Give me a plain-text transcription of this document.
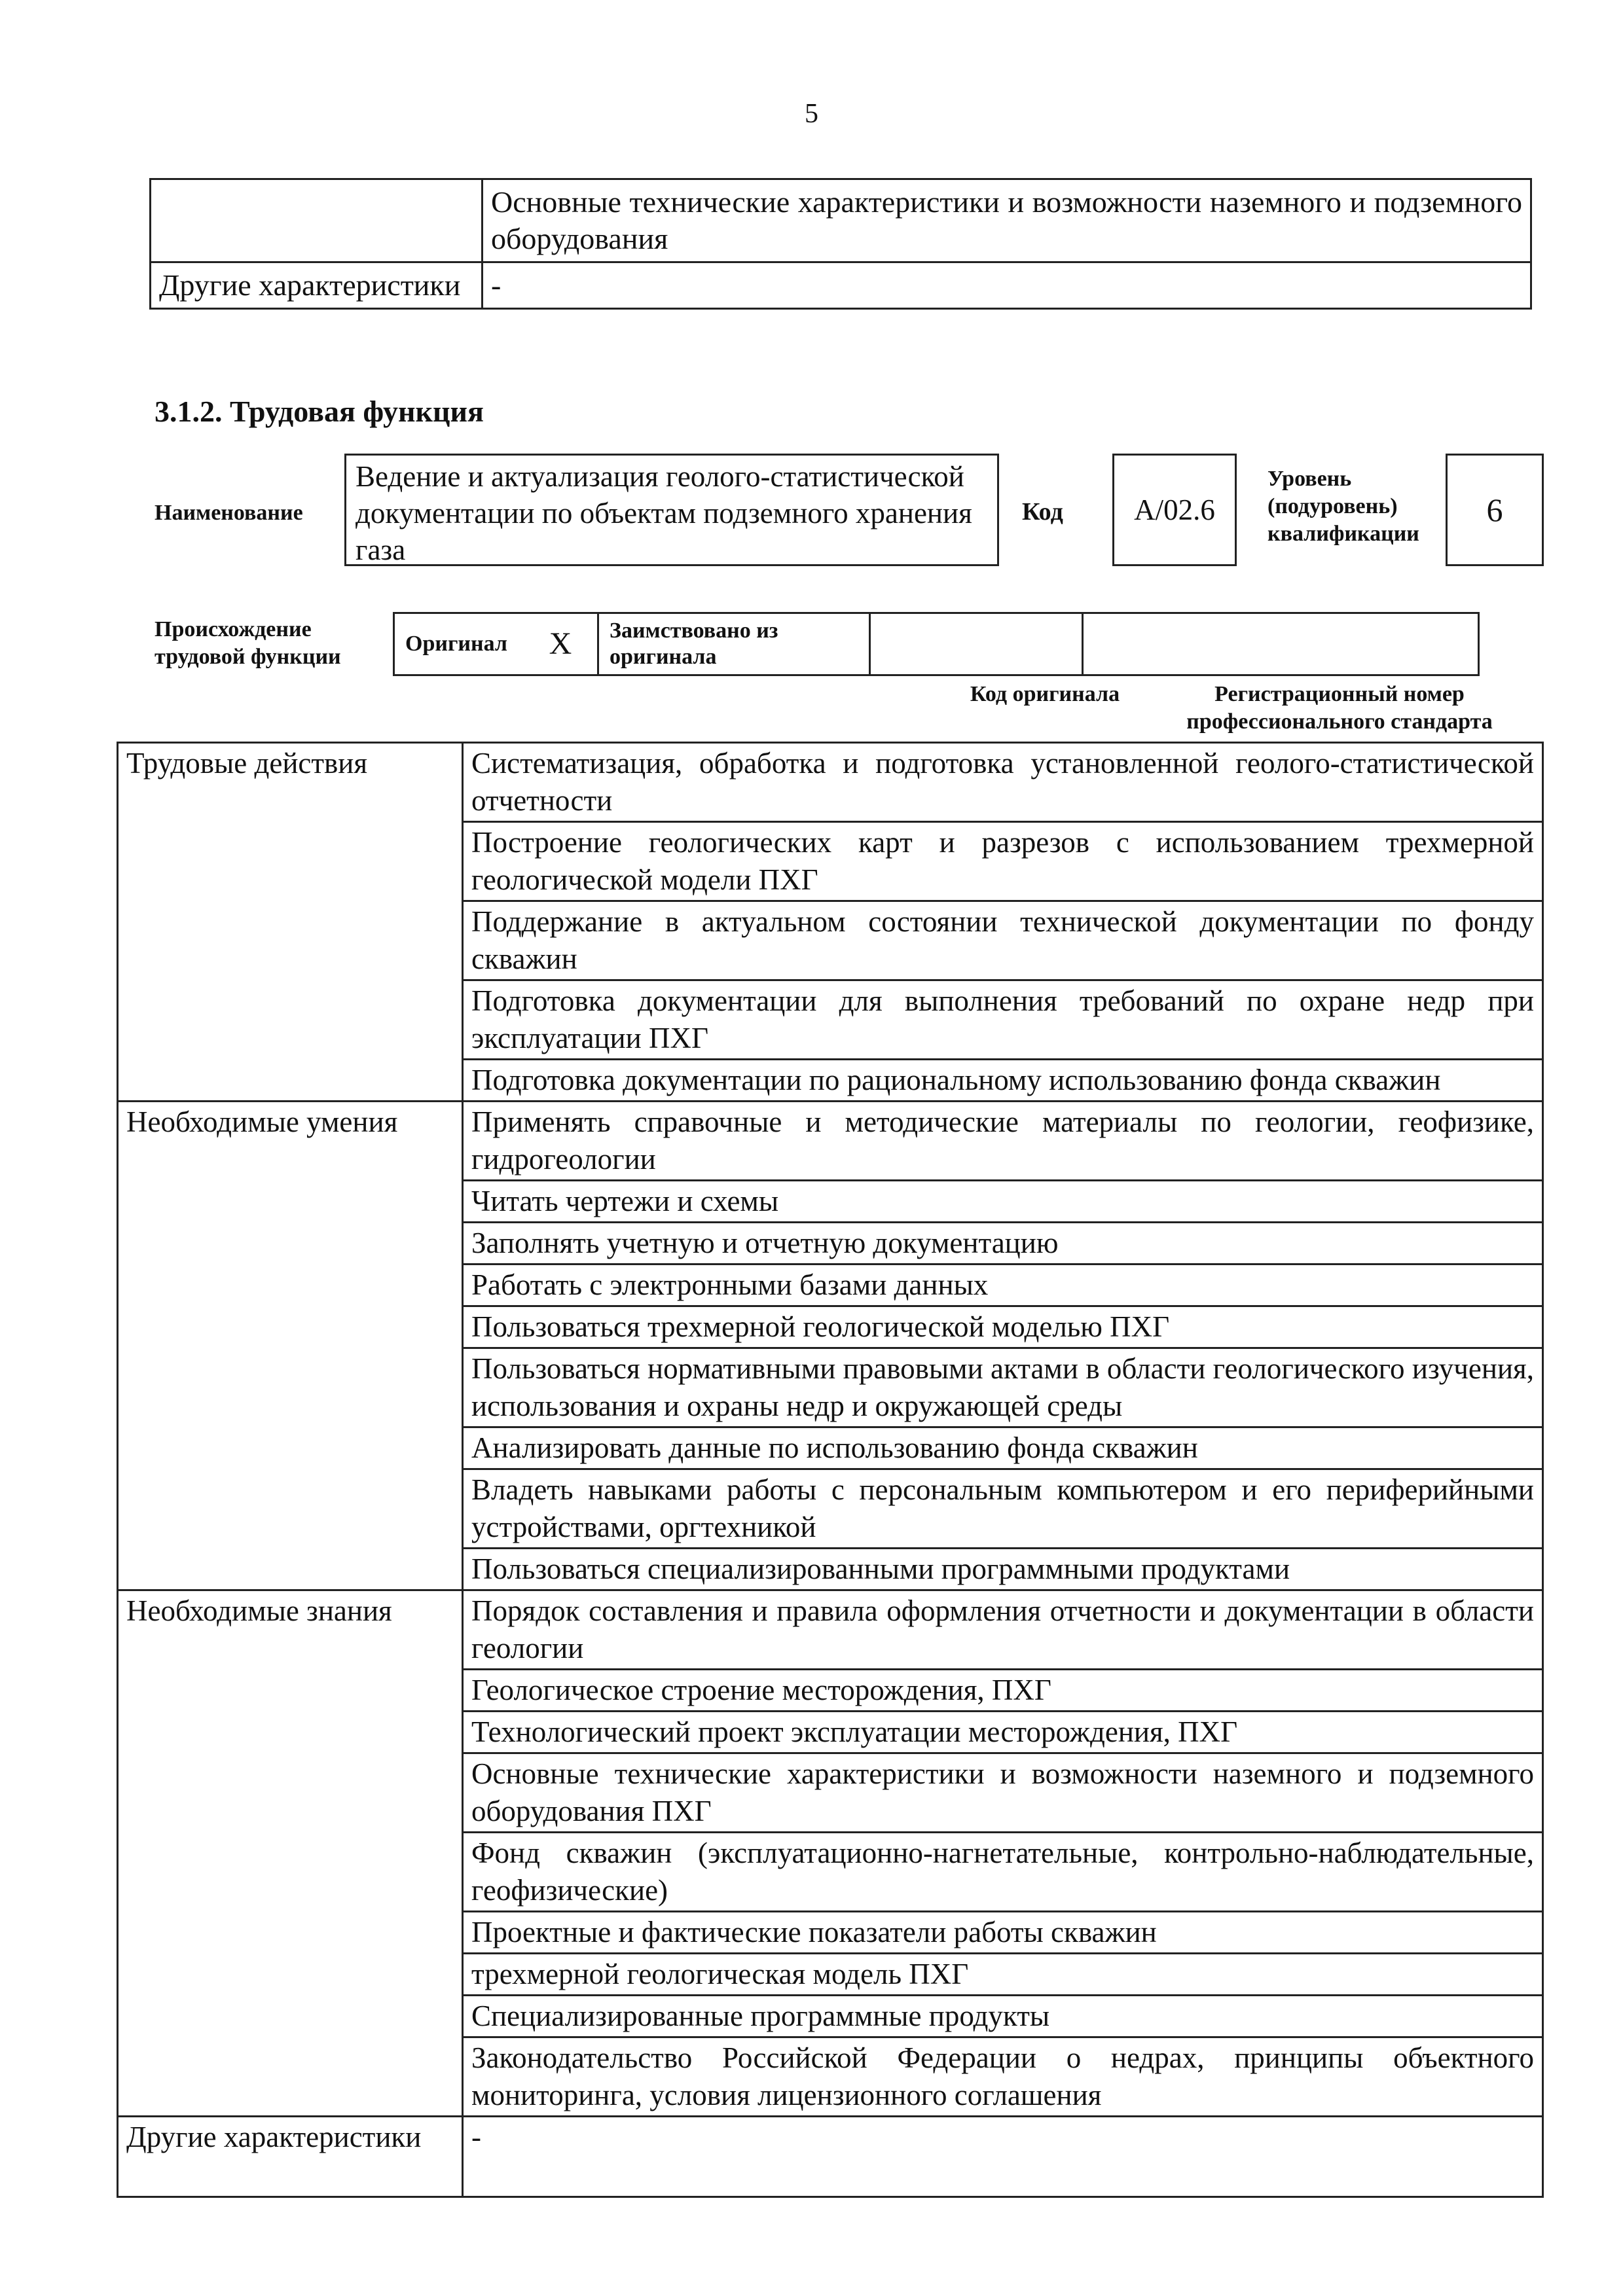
5
	Основные технические характеристики и возможности наземного и подземного оборудования
Другие характеристики	-
3.1.2. Трудовая функция
Наименование
Ведение и актуализация геолого-статистической документации по объектам подземного хранения газа
Код	А/02.6
Уровень (подуровень) квалификации
6
Происхождение трудовой функции
Оригинал	X	Заимствовано из оригинала		
Код оригинала	Регистрационный номер профессионального стандарта
Трудовые действия	Систематизация, обработка и подготовка установленной геолого-статистической отчетности
	Построение геологических карт и разрезов с использованием трехмерной геологической модели ПХГ
	Поддержание в актуальном состоянии технической документации по фонду скважин
	Подготовка документации для выполнения требований по охране недр при эксплуатации ПХГ
	Подготовка документации по рациональному использованию фонда скважин
Необходимые умения	Применять справочные и методические материалы по геологии, геофизике, гидрогеологии
	Читать чертежи и схемы
	Заполнять учетную и отчетную документацию
	Работать с электронными базами данных
	Пользоваться трехмерной геологической моделью ПХГ
	Пользоваться нормативными правовыми актами в области геологического изучения, использования и охраны недр и окружающей среды
	Анализировать данные по использованию фонда скважин
	Владеть навыками работы с персональным компьютером и его периферийными устройствами, оргтехникой
	Пользоваться специализированными программными продуктами
Необходимые знания	Порядок составления и правила оформления отчетности и документации в области геологии
	Геологическое строение месторождения, ПХГ
	Технологический проект эксплуатации месторождения, ПХГ
	Основные технические характеристики и возможности наземного и подземного оборудования ПХГ
	Фонд скважин (эксплуатационно-нагнетательные, контрольно-наблюдательные, геофизические)
	Проектные и фактические показатели работы скважин
	трехмерной геологическая модель ПХГ
	Специализированные программные продукты
	Законодательство Российской Федерации о недрах, принципы объектного мониторинга, условия лицензионного соглашения
Другие характеристики	-
